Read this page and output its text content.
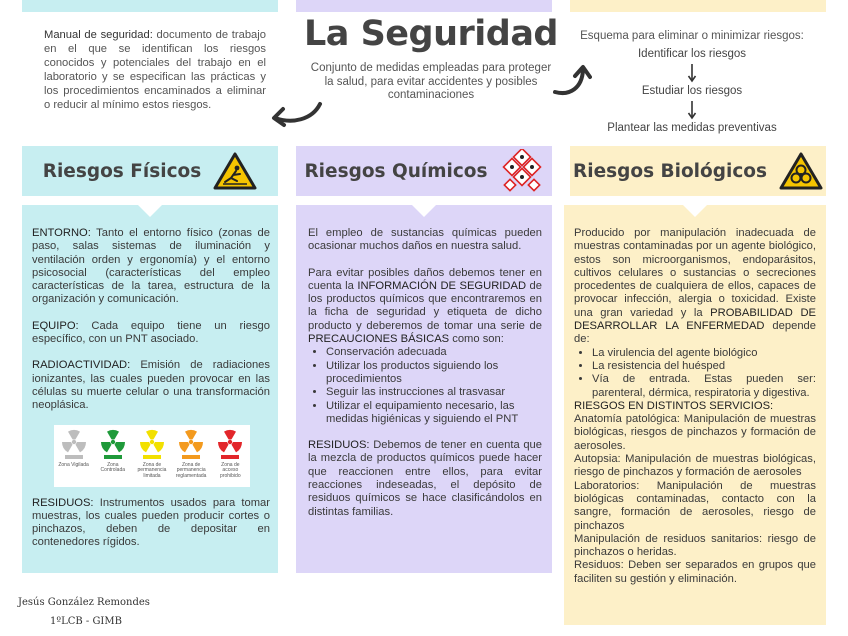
Manual de seguridad: documento de trabajo en el que se identifican los riesgos conocidos y potenciales del trabajo en el laboratorio y se especifican las prácticas y los procedimientos encaminados a eliminar o reducir al mínimo estos riesgos.

La Seguridad

Conjunto de medidas empleadas para proteger la salud, para evitar accidentes y posibles contaminaciones

Esquema para eliminar o minimizar riesgos:
Identificar los riesgos
Estudiar los riesgos
Plantear las medidas preventivas
Riesgos Físicos	Riesgos Químicos	Riesgos Biológicos

ENTORNO: Tanto el entorno físico (zonas de paso, salas sistemas de iluminación y ventilación orden y ergonomía) y el entorno psicosocial (características del empleo características de la tarea, estructura de la organización y comunicación.

EQUIPO: Cada equipo tiene un riesgo específico, con un PNT asociado.

RADIOACTIVIDAD: Emisión de radiaciones ionizantes, las cuales pueden provocar en las células su muerte celular o una transformación neoplásica.

Zona Vigilada	Zona Controlada
Zona de permanencia limitada
Zona de permanencia reglamentada
Zona de acceso prohibido

RESIDUOS: Instrumentos usados para tomar muestras, los cuales pueden producir cortes o pinchazos, deben de depositar en contenedores rígidos.

El empleo de sustancias químicas pueden ocasionar muchos daños en nuestra salud.

Para evitar posibles daños debemos tener en cuenta la INFORMACIÓN DE SEGURIDAD de los productos químicos que encontraremos en la ficha de seguridad y etiqueta de dicho producto y deberemos de tomar una serie de PRECAUCIONES BÁSICAS como son:

• Conservación adecuada
• Utilizar los productos siguiendo los procedimientos
• Seguir las instrucciones al trasvasar
• Utilizar el equipamiento necesario, las medidas higiénicas y siguiendo el PNT

RESIDUOS: Debemos de tener en cuenta que la mezcla de productos químicos puede hacer que reaccionen entre ellos, para evitar reacciones indeseadas, el depósito de residuos químicos se hace clasificándolos en distintas familias.

Producido por manipulación inadecuada de muestras contaminadas por un agente biológico, estos son microorganismos, endoparásitos, cultivos celulares o sustancias o secreciones procedentes de cualquiera de ellos, capaces de provocar infección, alergia o toxicidad. Existe una gran variedad y la PROBABILIDAD DE DESARROLLAR LA ENFERMEDAD depende de:

• La virulencia del agente biológico
• La resistencia del huésped
• Vía de entrada. Estas pueden ser: parenteral, dérmica, respiratoria y digestiva.

RIESGOS EN DISTINTOS SERVICIOS:

Anatomía patológica: Manipulación de muestras biológicas, riesgos de pinchazos y formación de aerosoles.

Autopsia: Manipulación de muestras biológicas, riesgo de pinchazos y formación de aerosoles

Laboratorios: Manipulación de muestras biológicas contaminadas, contacto con la sangre, formación de aerosoles, riesgo de pinchazos

Manipulación de residuos sanitarios: riesgo de pinchazos o heridas.

Residuos: Deben ser separados en grupos que faciliten su gestión y eliminación.

Jesús González Remondes
1ºLCB - GIMB
